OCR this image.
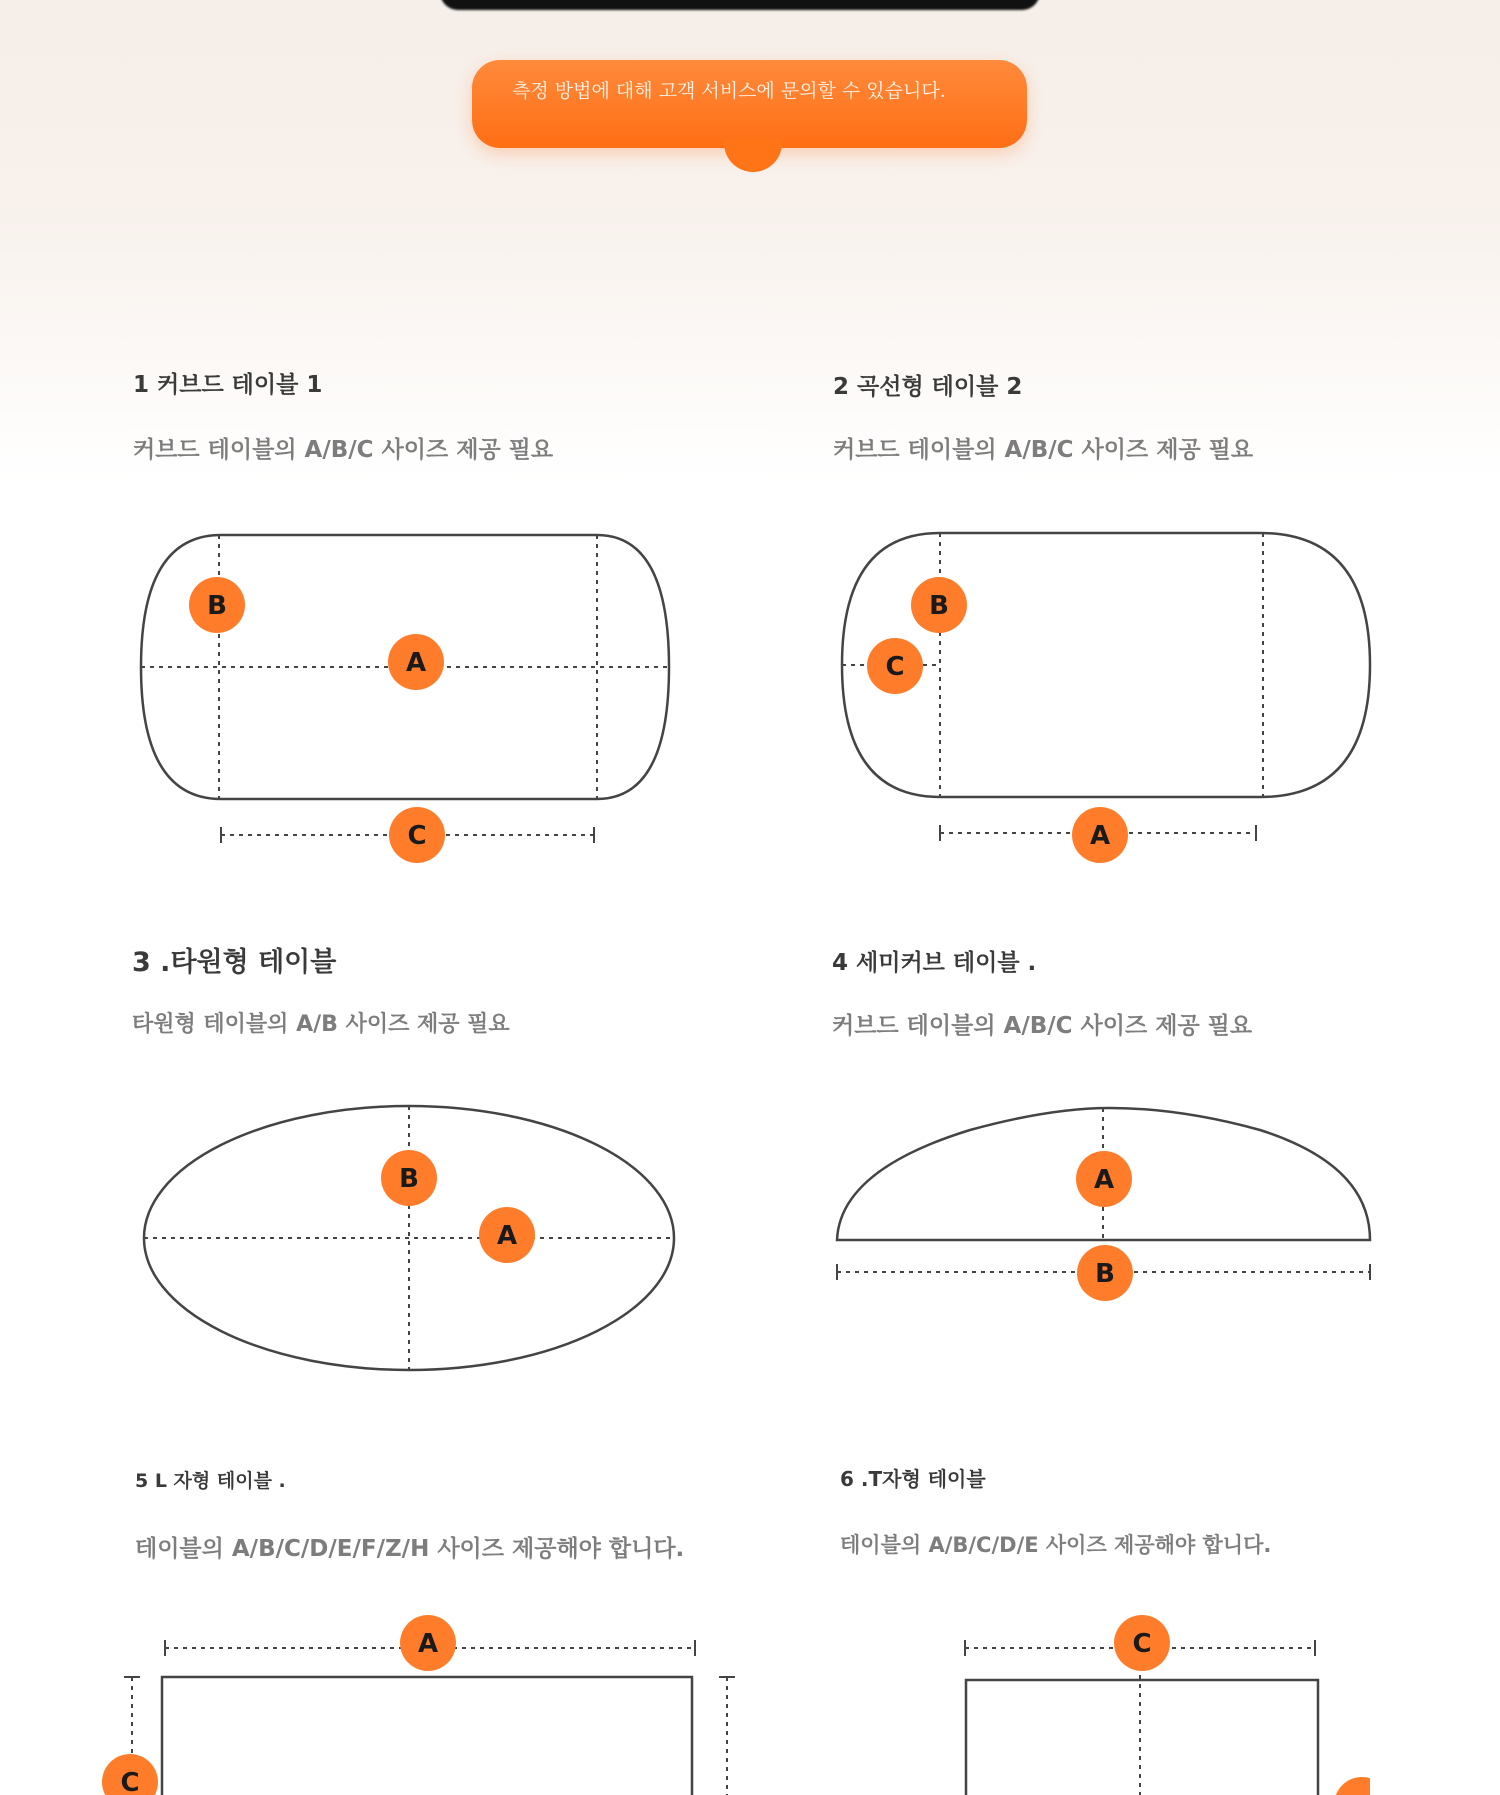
측정 방법에 대해 고객 서비스에 문의할 수 있습니다.
1 커브드 테이블 1
커브드 테이블의 A/B/C 사이즈 제공 필요
B
A
C
2 곡선형 테이블 2
커브드 테이블의 A/B/C 사이즈 제공 필요
B
C
A
3 .타원형 테이블
타원형 테이블의 A/B 사이즈 제공 필요
B
A
4 세미커브 테이블 .
커브드 테이블의 A/B/C 사이즈 제공 필요
A
B
5 L 자형 테이블 .
테이블의 A/B/C/D/E/F/Z/H 사이즈 제공해야 합니다.
A
C
6 .T자형 테이블
테이블의 A/B/C/D/E 사이즈 제공해야 합니다.
C
